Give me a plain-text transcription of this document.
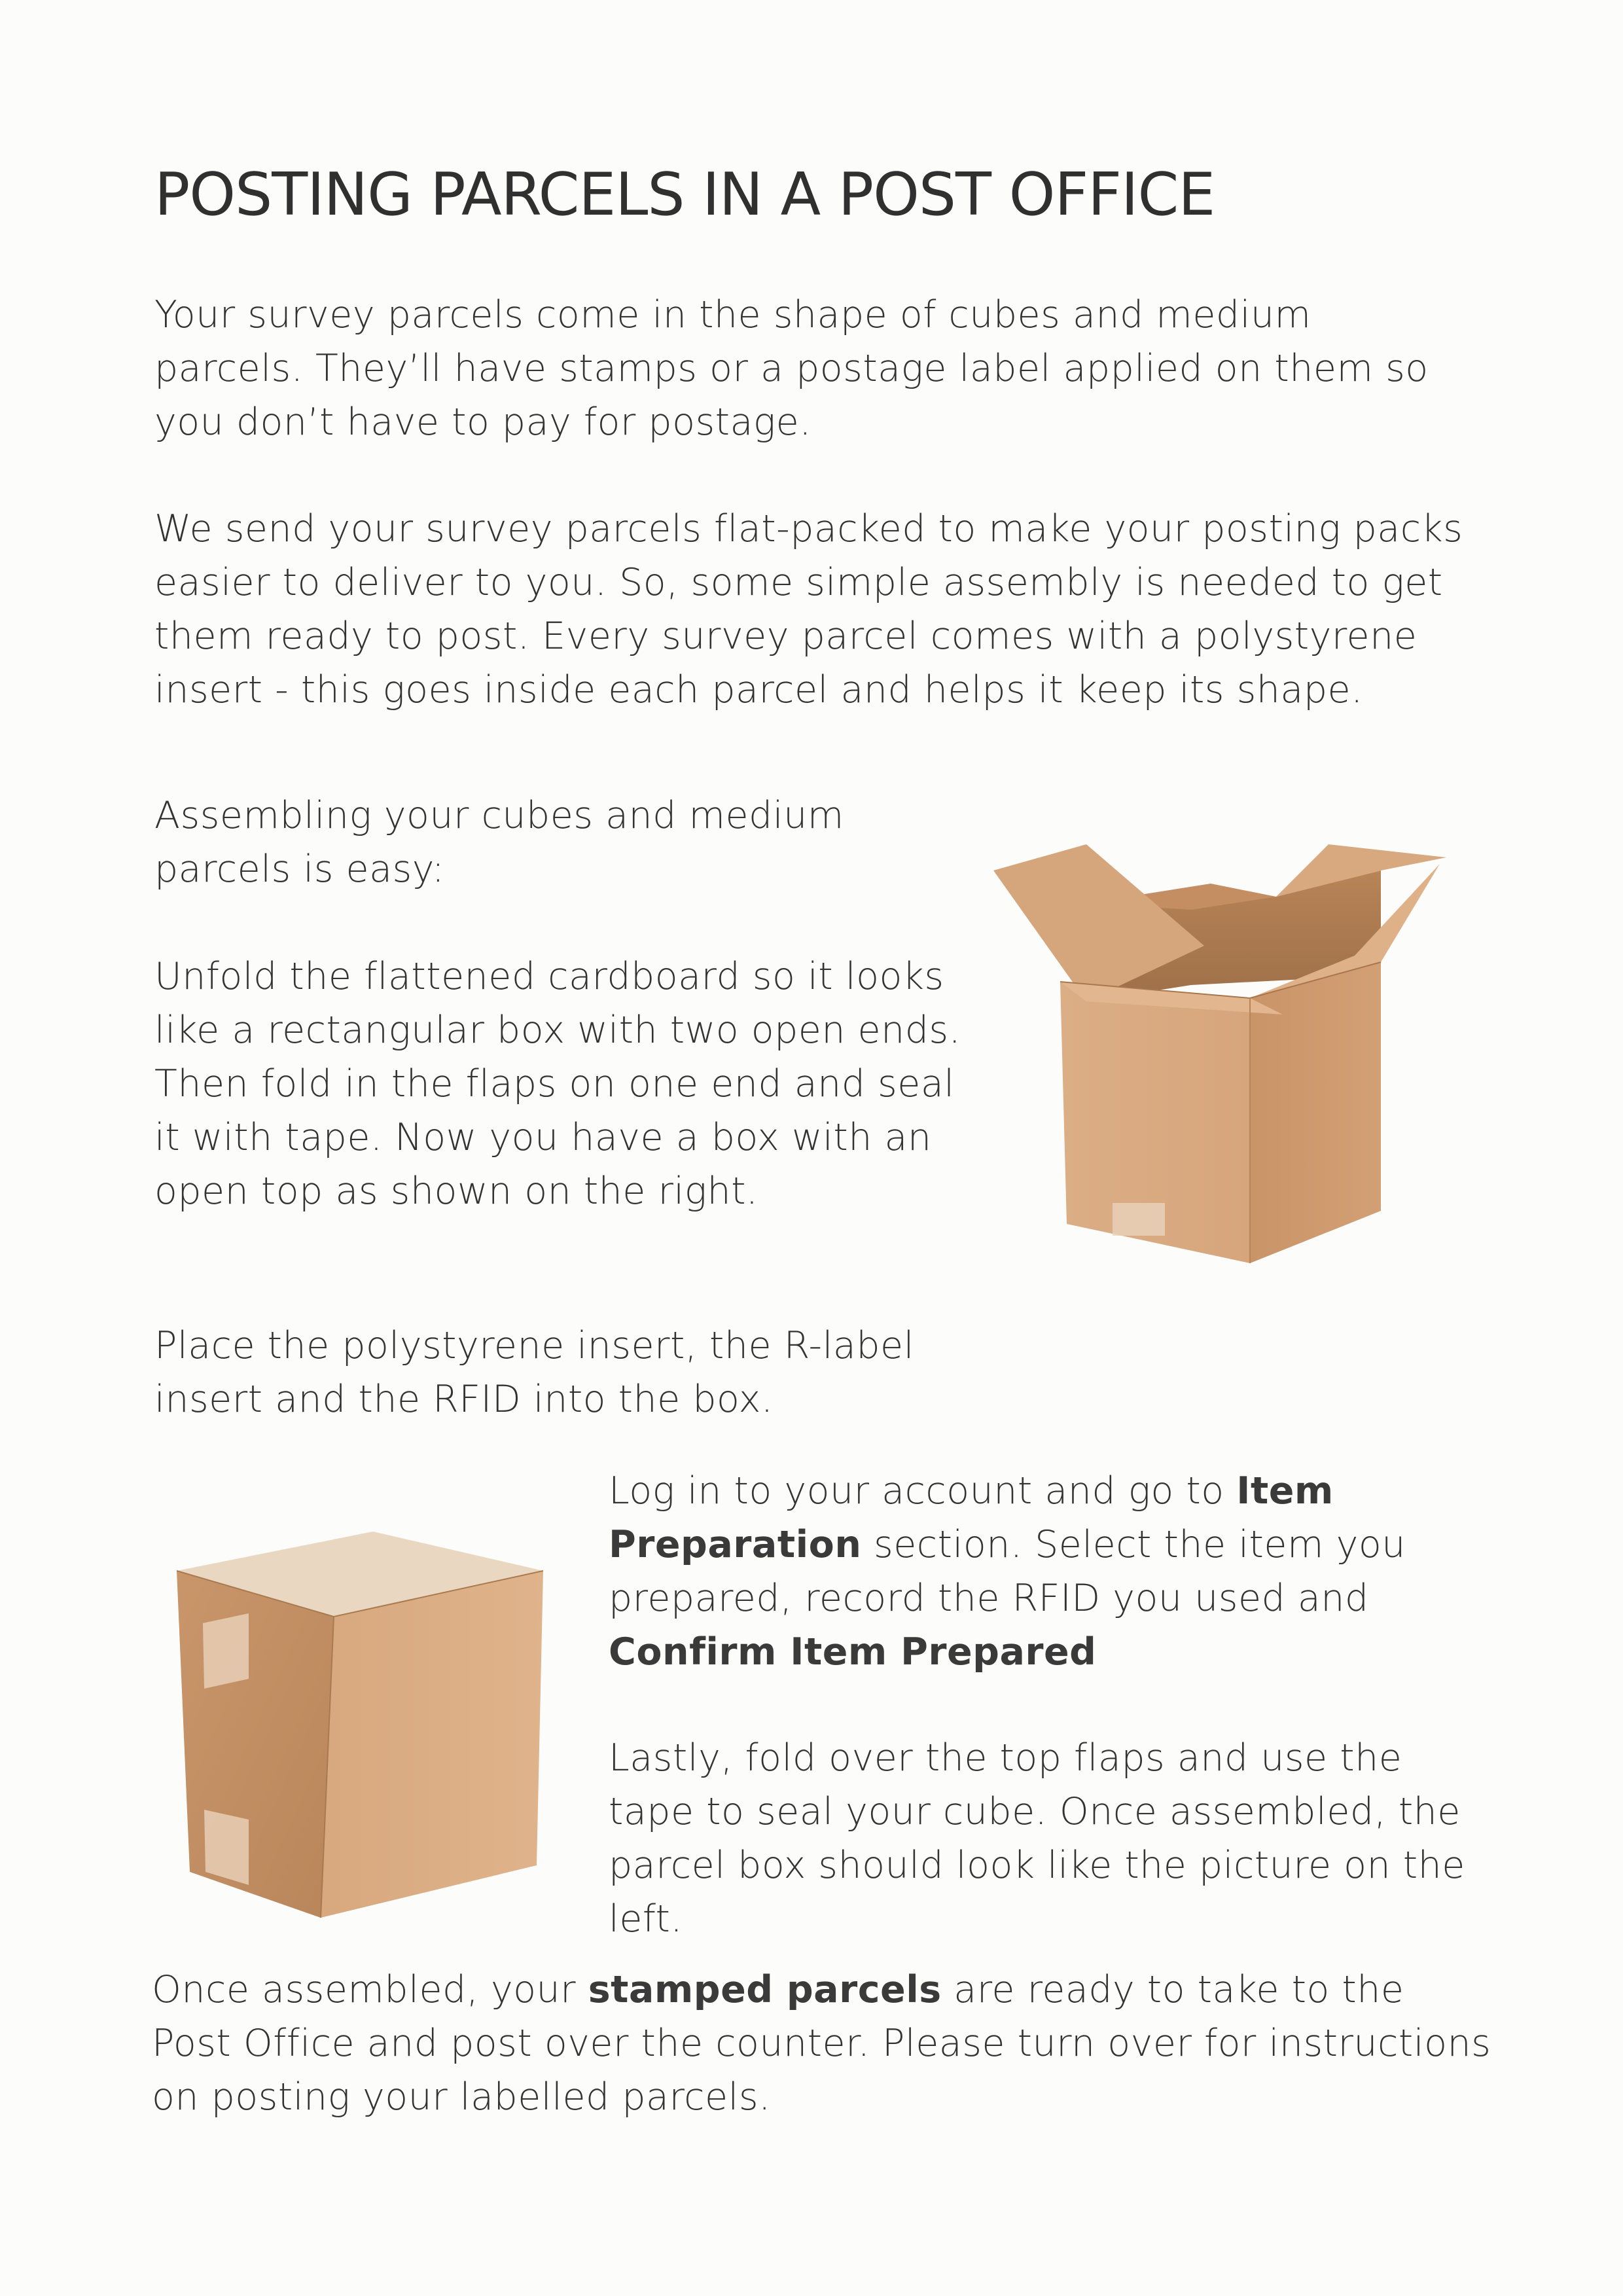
POSTING PARCELS IN A POST OFFICE

Your survey parcels come in the shape of cubes and medium parcels. They’ll have stamps or a postage label applied on them so you don’t have to pay for postage.

We send your survey parcels flat-packed to make your posting packs easier to deliver to you. So, some simple assembly is needed to get them ready to post. Every survey parcel comes with a polystyrene insert - this goes inside each parcel and helps it keep its shape.

Assembling your cubes and medium parcels is easy:

Unfold the flattened cardboard so it looks like a rectangular box with two open ends. Then fold in the flaps on one end and seal it with tape. Now you have a box with an open top as shown on the right.

Place the polystyrene insert, the R-label insert and the RFID into the box.

Log in to your account and go to Item Preparation section. Select the item you prepared, record the RFID you used and Confirm Item Prepared

Lastly, fold over the top flaps and use the tape to seal your cube. Once assembled, the parcel box should look like the picture on the left.

Once assembled, your stamped parcels are ready to take to the Post Office and post over the counter. Please turn over for instructions on posting your labelled parcels.
